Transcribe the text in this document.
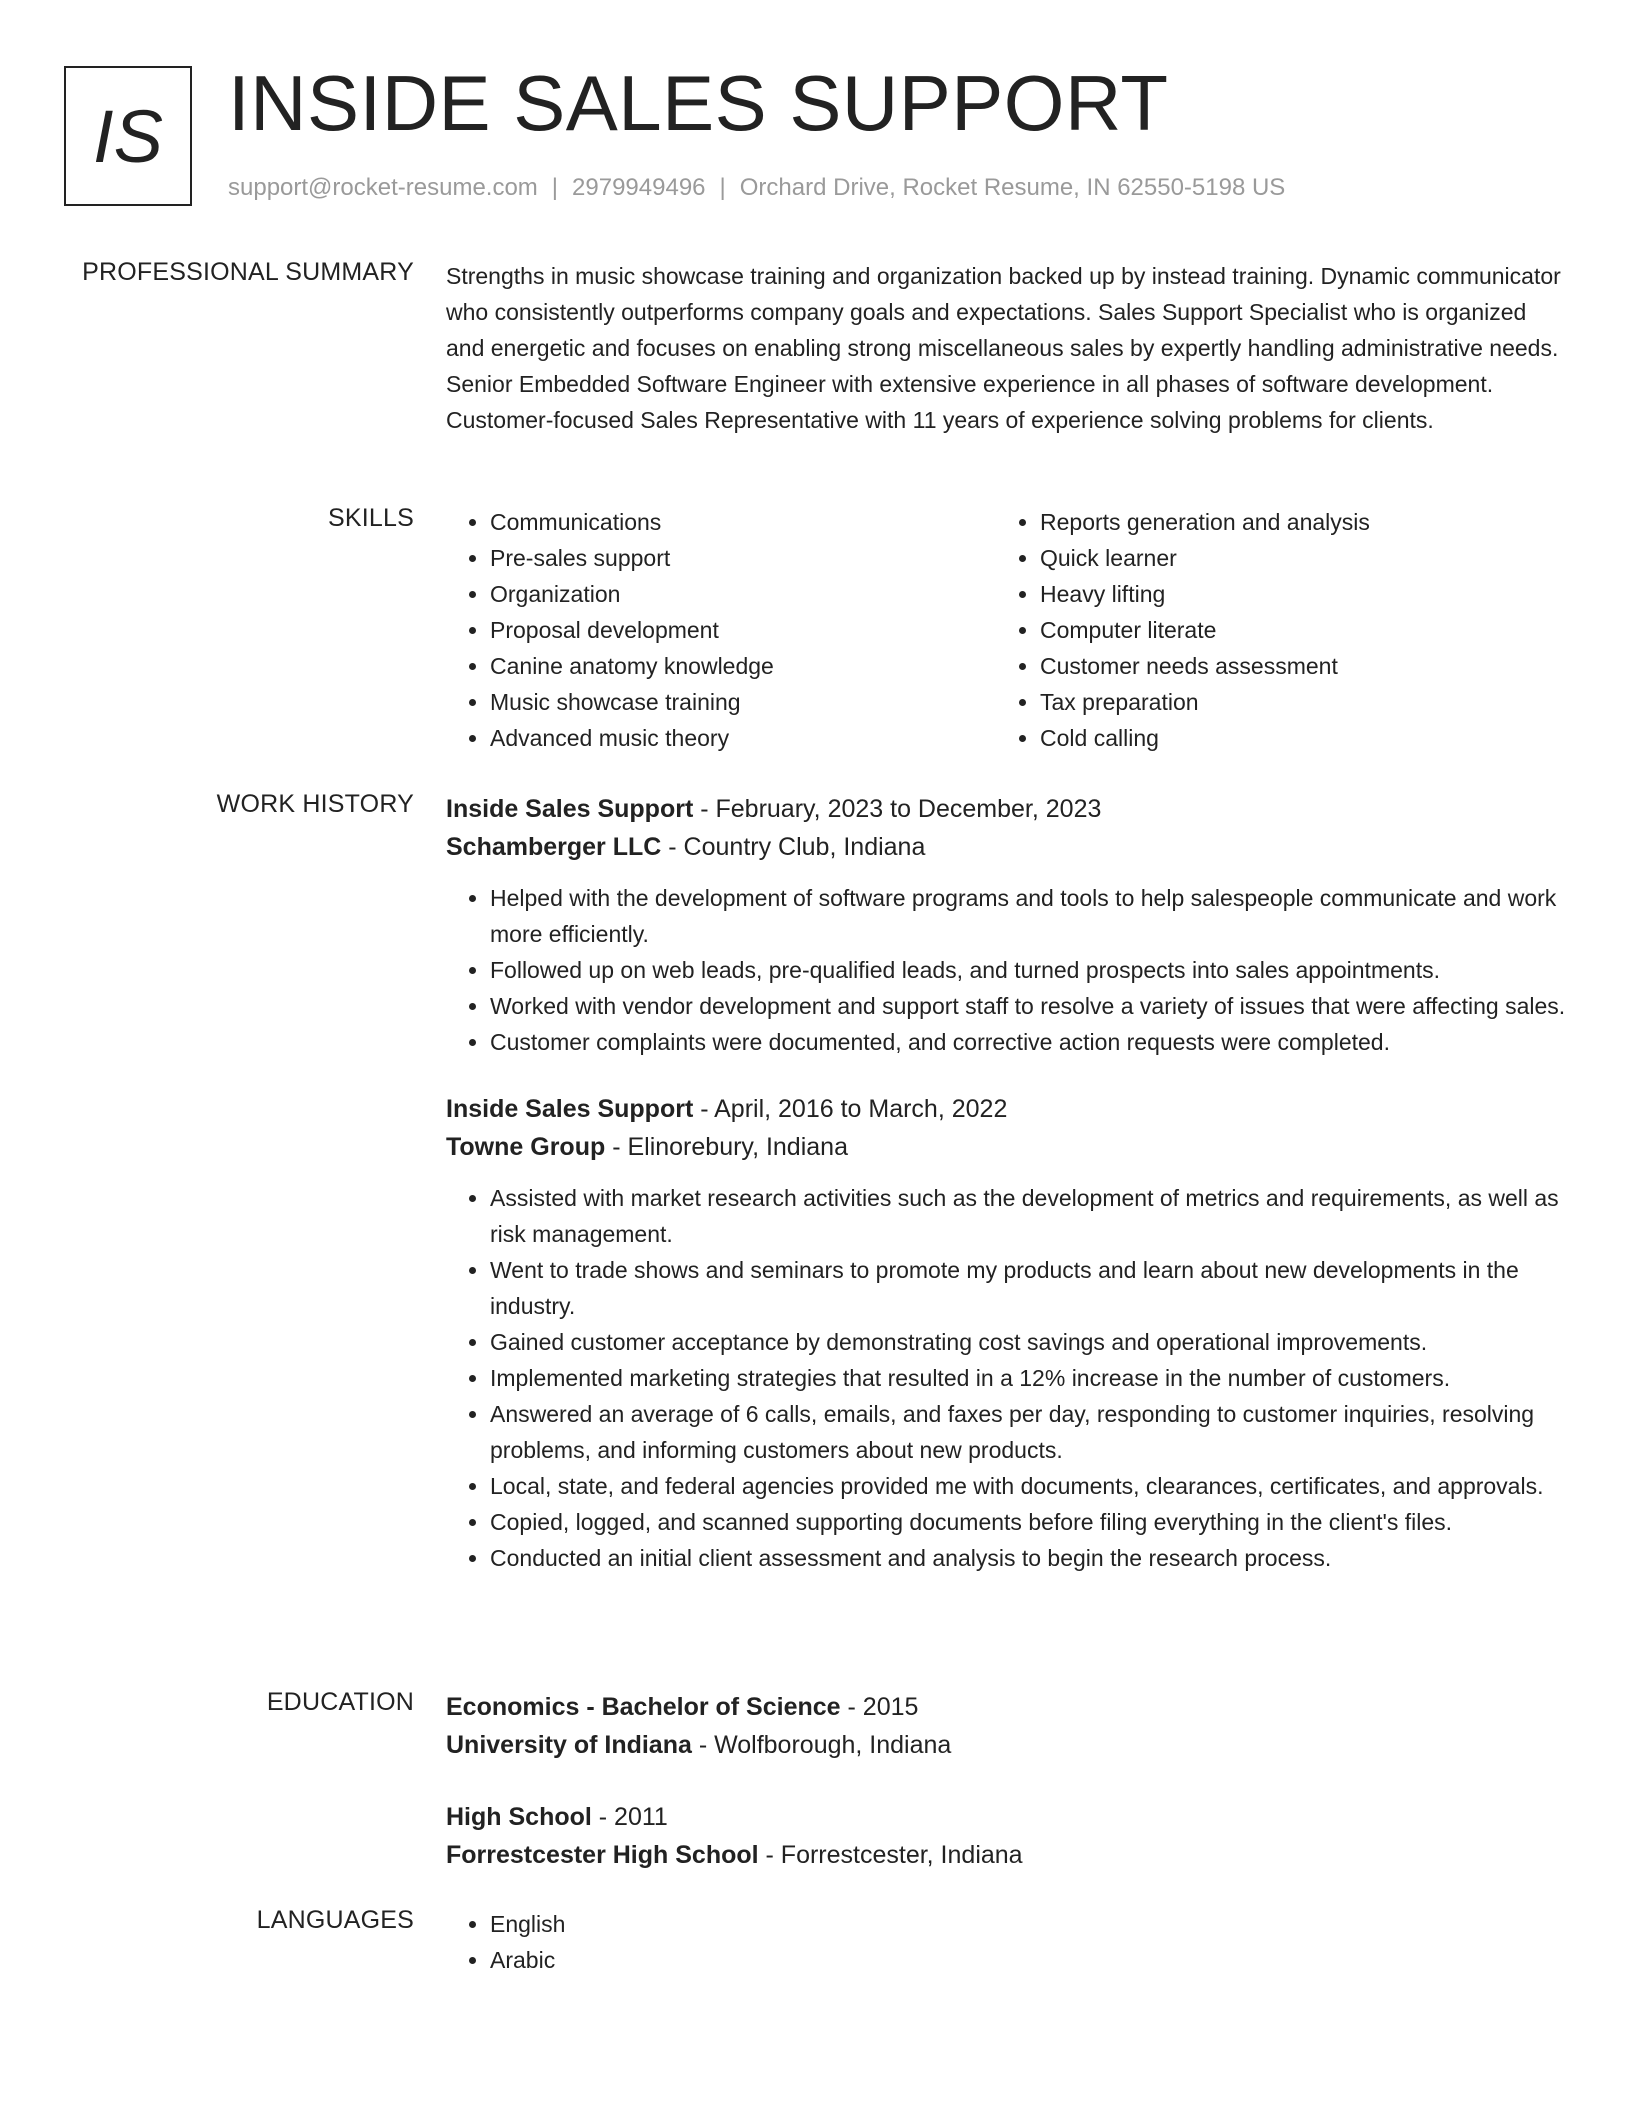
IS INSIDE SALES SUPPORT
support@rocket-resume.com | 2979949496 | Orchard Drive, Rocket Resume, IN 62550-5198 US
PROFESSIONAL SUMMARY Strengths in music showcase training and organization backed up by instead training. Dynamic communicator who consistently outperforms company goals and expectations. Sales Support Specialist who is organized and energetic and focuses on enabling strong miscellaneous sales by expertly handling administrative needs. Senior Embedded Software Engineer with extensive experience in all phases of software development. Customer-focused Sales Representative with 11 years of experience solving problems for clients.

SKILLS	• Communications
• Pre-sales support
• Organization
• Proposal development
• Canine anatomy knowledge
• Music showcase training
• Advanced music theory
• Reports generation and analysis
• Quick learner
• Heavy lifting
• Computer literate
• Customer needs assessment
• Tax preparation
• Cold calling
WORK HISTORY Inside Sales Support - February, 2023 to December, 2023
Schamberger LLC - Country Club, Indiana
• Helped with the development of software programs and tools to help salespeople communicate and work more efficiently.
• Followed up on web leads, pre-qualified leads, and turned prospects into sales appointments.
• Worked with vendor development and support staff to resolve a variety of issues that were affecting sales.
• Customer complaints were documented, and corrective action requests were completed.
Inside Sales Support - April, 2016 to March, 2022
Towne Group - Elinorebury, Indiana
• Assisted with market research activities such as the development of metrics and requirements, as well as risk management.
• Went to trade shows and seminars to promote my products and learn about new developments in the industry.
• Gained customer acceptance by demonstrating cost savings and operational improvements.
• Implemented marketing strategies that resulted in a 12% increase in the number of customers.
• Answered an average of 6 calls, emails, and faxes per day, responding to customer inquiries, resolving problems, and informing customers about new products.
• Local, state, and federal agencies provided me with documents, clearances, certificates, and approvals.
• Copied, logged, and scanned supporting documents before filing everything in the client's files.
• Conducted an initial client assessment and analysis to begin the research process.
EDUCATION Economics - Bachelor of Science - 2015
University of Indiana - Wolfborough, Indiana
High School - 2011
Forrestcester High School - Forrestcester, Indiana
LANGUAGES	• English
• Arabic
